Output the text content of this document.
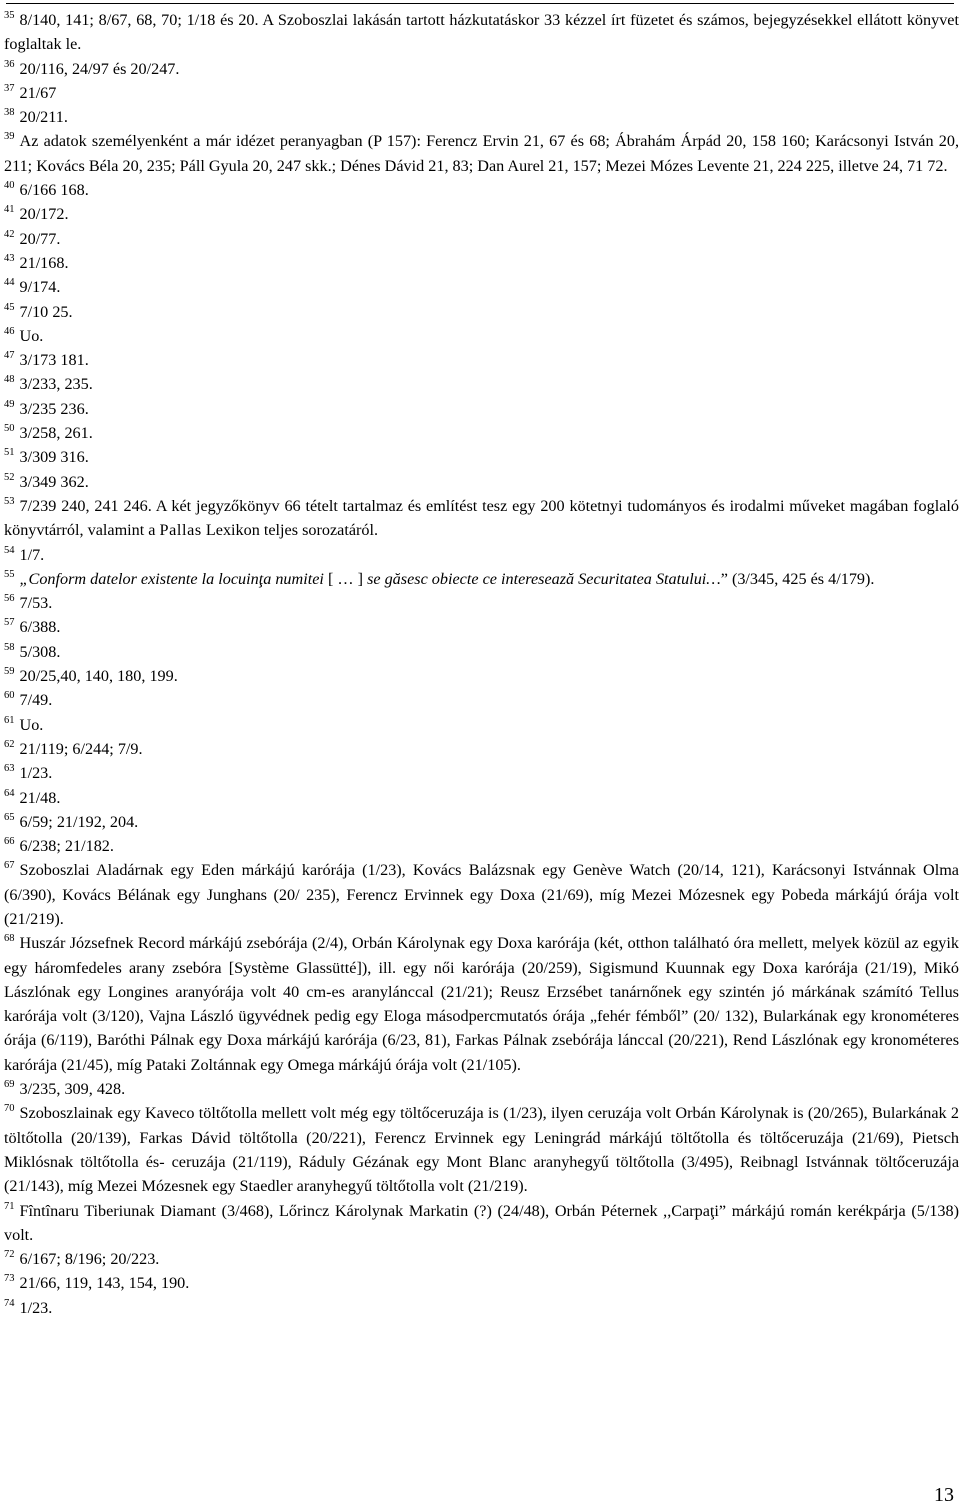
$^{35}$ 8/140, 141; 8/67, 68, 70; 1/18 és 20. A Szoboszlai lakásán tartott házkutatáskor 33 kézzel írt füzetet és számos, bejegyzésekkel ellátott könyvet foglaltak le.

$^{36}$ 20/116, 24/97 és 20/247.

$^{37}$ 21/67

$^{38}$ 20/211.

$^{39}$ Az adatok személyenként a már idézet peranyagban (P 157): Ferencz Ervin 21, 67 és 68; Ábrahám Árpád 20, 158 160; Karácsonyi István 20, 211; Kovács Béla 20, 235; Páll Gyula 20, 247 skk.; Dénes Dávid 21, 83; Dan Aurel 21, 157; Mezei Mózes Levente 21, 224 225, illetve 24, 71 72.

$^{40}$ 6/166 168.

$^{41}$ 20/172.

$^{42}$ 20/77.

$^{43}$ 21/168.

$^{44}$ 9/174.

$^{45}$ 7/10 25.

$^{46}$ Uo.

$^{47}$ 3/173 181.

$^{48}$ 3/233, 235.

$^{49}$ 3/235 236.

$^{50}$ 3/258, 261.

$^{51}$ 3/309 316.

$^{52}$ 3/349 362.

$^{53}$ 7/239 240, 241 246. A két jegyzőkönyv 66 tételt tartalmaz és említést tesz egy 200 kötetnyi tudományos és irodalmi műveket magában foglaló könyvtárról, valamint a Pallas Lexikon teljes sorozatáról.

$^{54}$ 1/7.

$^{55}$ „Conform datelor existente la locuinţa numitei [ … ] se găsesc obiecte ce interesează Securitatea Statului…” (3/345, 425 és 4/179).

$^{56}$ 7/53.

$^{57}$ 6/388.

$^{58}$ 5/308.

$^{59}$ 20/25,40, 140, 180, 199.

$^{60}$ 7/49.

$^{61}$ Uo.

$^{62}$ 21/119; 6/244; 7/9.

$^{63}$ 1/23.

$^{64}$ 21/48.

$^{65}$ 6/59; 21/192, 204.

$^{66}$ 6/238; 21/182.

$^{67}$ Szoboszlai Aladárnak egy Eden márkájú karórája (1/23), Kovács Balázsnak egy Genève Watch (20/14, 121), Karácsonyi Istvánnak Olma (6/390), Kovács Bélának egy Junghans (20/ 235), Ferencz Ervinnek egy Doxa (21/69), míg Mezei Mózesnek egy Pobeda márkájú órája volt (21/219).

$^{68}$ Huszár Józsefnek Record márkájú zsebórája (2/4), Orbán Károlynak egy Doxa karórája (két, otthon található óra mellett, melyek közül az egyik egy háromfedeles arany zsebóra [Système Glassütté]), ill. egy női karórája (20/259), Sigismund Kuunnak egy Doxa karórája (21/19), Mikó Lászlónak egy Longines aranyórája volt 40 cm-es aranylánccal (21/21); Reusz Erzsébet tanárnőnek egy szintén jó márkának számító Tellus karórája volt (3/120), Vajna László ügyvédnek pedig egy Eloga másodpercmutatós órája „fehér fémből” (20/ 132), Bularkának egy kronométeres órája (6/119), Baróthi Pálnak egy Doxa márkájú karórája (6/23, 81), Farkas Pálnak zsebórája lánccal (20/221), Rend Lászlónak egy kronométeres karórája (21/45), míg Pataki Zoltánnak egy Omega márkájú órája volt (21/105).

$^{69}$ 3/235, 309, 428.

$^{70}$ Szoboszlainak egy Kaveco töltőtolla mellett volt még egy töltőceruzája is (1/23), ilyen ceruzája volt Orbán Károlynak is (20/265), Bularkának 2 töltőtolla (20/139), Farkas Dávid töltőtolla (20/221), Ferencz Ervinnek egy Leningrád márkájú töltőtolla és töltőceruzája (21/69), Pietsch Miklósnak töltőtolla és- ceruzája (21/119), Ráduly Gézának egy Mont Blanc aranyhegyű töltőtolla (3/495), Reibnagl Istvánnak töltőceruzája (21/143), míg Mezei Mózesnek egy Staedler aranyhegyű töltőtolla volt (21/219).

$^{71}$ Fîntînaru Tiberiunak Diamant (3/468), Lőrincz Károlynak Markatin (?) (24/48), Orbán Péternek ,,Carpaţi” márkájú román kerékpárja (5/138) volt.

$^{72}$ 6/167; 8/196; 20/223.

$^{73}$ 21/66, 119, 143, 154, 190.

$^{74}$ 1/23.

13
